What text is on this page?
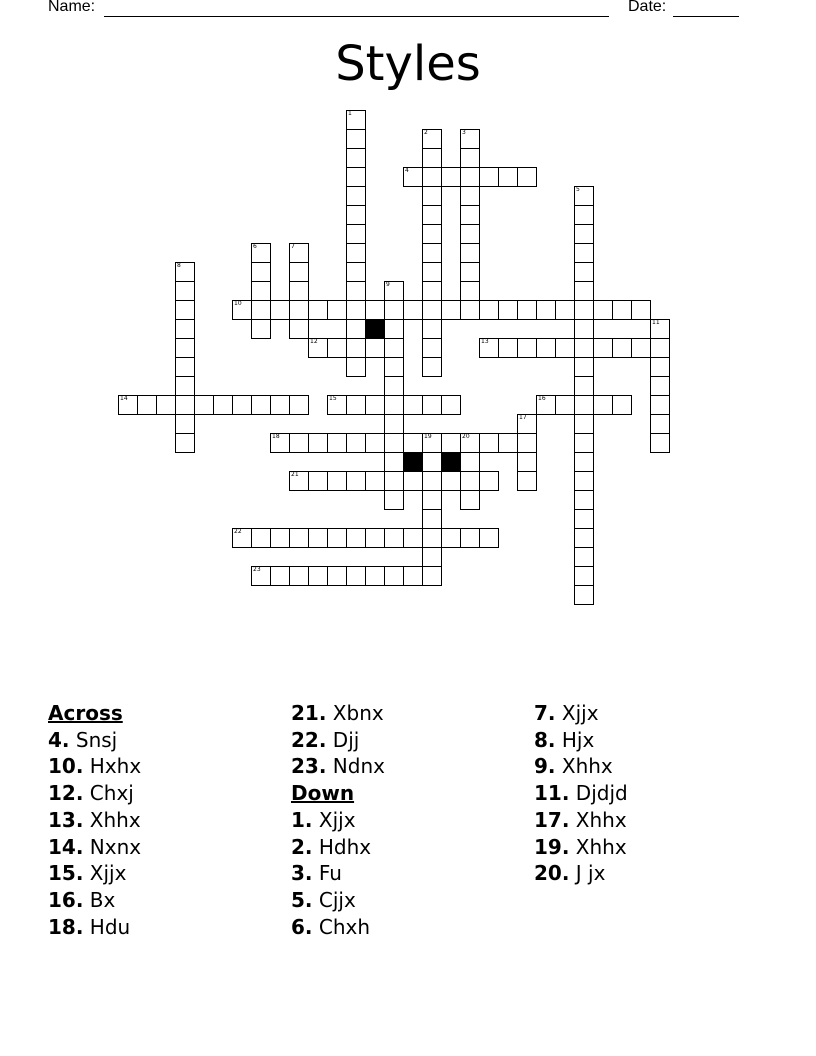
Name:	Date:
Styles
1
2	3
4
5
6	7
8
9
10
11
12	13
14	15	16
17
18	19	20
21
22
23
Across
4. Snsj
10. Hxhx
12. Chxj
13. Xhhx
14. Nxnx
15. Xjjx
16. Bx
18. Hdu
21. Xbnx
22. Djj
23. Ndnx
Down
1. Xjjx
2. Hdhx
3. Fu
5. Cjjx
6. Chxh
7. Xjjx
8. Hjx
9. Xhhx
11. Djdjd
17. Xhhx
19. Xhhx
20. J jx
